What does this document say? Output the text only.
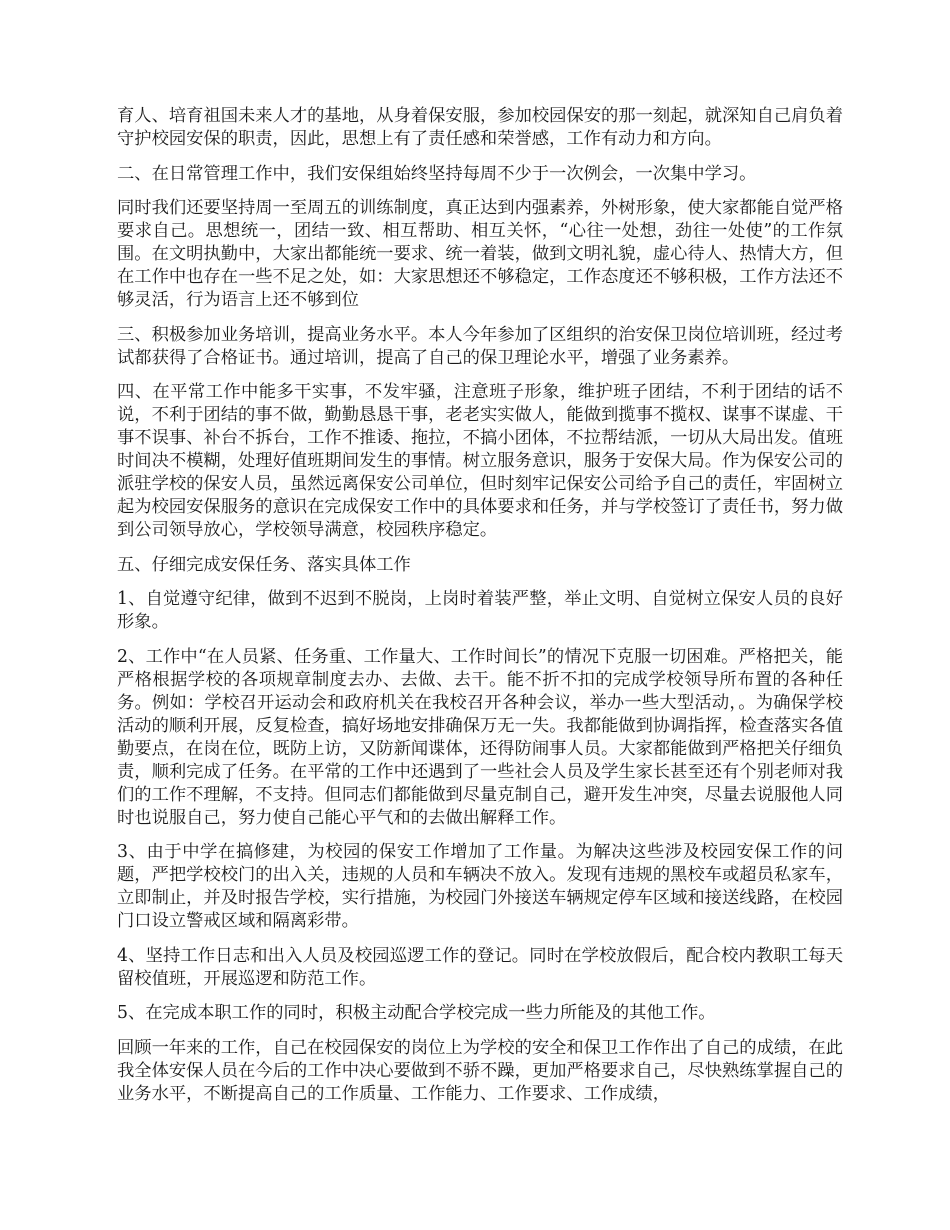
育人、培育祖国未来人才的基地，从身着保安服，参加校园保安的那一刻起，就深知自己肩负着守护校园安保的职责，因此，思想上有了责任感和荣誉感，工作有动力和方向。

二、在日常管理工作中，我们安保组始终坚持每周不少于一次例会，一次集中学习。

同时我们还要坚持周一至周五的训练制度，真正达到内强素养，外树形象，使大家都能自觉严格要求自己。思想统一，团结一致、相互帮助、相互关怀，“心往一处想，劲往一处使”的工作氛围。在文明执勤中，大家出都能统一要求、统一着装，做到文明礼貌，虚心待人、热情大方，但在工作中也存在一些不足之处，如：大家思想还不够稳定，工作态度还不够积极，工作方法还不够灵活，行为语言上还不够到位

三、积极参加业务培训，提高业务水平。本人今年参加了区组织的治安保卫岗位培训班，经过考试都获得了合格证书。通过培训，提高了自己的保卫理论水平，增强了业务素养。

四、在平常工作中能多干实事，不发牢骚，注意班子形象，维护班子团结，不利于团结的话不说，不利于团结的事不做，勤勤恳恳干事，老老实实做人，能做到揽事不揽权、谋事不谋虚、干事不误事、补台不拆台，工作不推诿、拖拉，不搞小团体，不拉帮结派，一切从大局出发。值班时间决不模糊，处理好值班期间发生的事情。树立服务意识，服务于安保大局。作为保安公司的派驻学校的保安人员，虽然远离保安公司单位，但时刻牢记保安公司给予自己的责任，牢固树立起为校园安保服务的意识在完成保安工作中的具体要求和任务，并与学校签订了责任书，努力做到公司领导放心，学校领导满意，校园秩序稳定。

五、仔细完成安保任务、落实具体工作

1、自觉遵守纪律，做到不迟到不脱岗，上岗时着装严整，举止文明、自觉树立保安人员的良好形象。

2、工作中“在人员紧、任务重、工作量大、工作时间长”的情况下克服一切困难。严格把关，能严格根据学校的各项规章制度去办、去做、去干。能不折不扣的完成学校领导所布置的各种任务。例如：学校召开运动会和政府机关在我校召开各种会议，举办一些大型活动，。为确保学校活动的顺利开展，反复检查，搞好场地安排确保万无一失。我都能做到协调指挥，检查落实各值勤要点，在岗在位，既防上访，又防新闻谍体，还得防闹事人员。大家都能做到严格把关仔细负责，顺利完成了任务。在平常的工作中还遇到了一些社会人员及学生家长甚至还有个别老师对我们的工作不理解，不支持。但同志们都能做到尽量克制自己，避开发生冲突，尽量去说服他人同时也说服自己，努力使自己能心平气和的去做出解释工作。

3、由于中学在搞修建，为校园的保安工作增加了工作量。为解决这些涉及校园安保工作的问题，严把学校校门的出入关，违规的人员和车辆决不放入。发现有违规的黑校车或超员私家车，立即制止，并及时报告学校，实行措施，为校园门外接送车辆规定停车区域和接送线路，在校园门口设立警戒区域和隔离彩带。

4、坚持工作日志和出入人员及校园巡逻工作的登记。同时在学校放假后，配合校内教职工每天留校值班，开展巡逻和防范工作。

5、在完成本职工作的同时，积极主动配合学校完成一些力所能及的其他工作。

回顾一年来的工作，自己在校园保安的岗位上为学校的安全和保卫工作作出了自己的成绩，在此我全体安保人员在今后的工作中决心要做到不骄不躁，更加严格要求自己，尽快熟练掌握自己的业务水平，不断提高自己的工作质量、工作能力、工作要求、工作成绩，
